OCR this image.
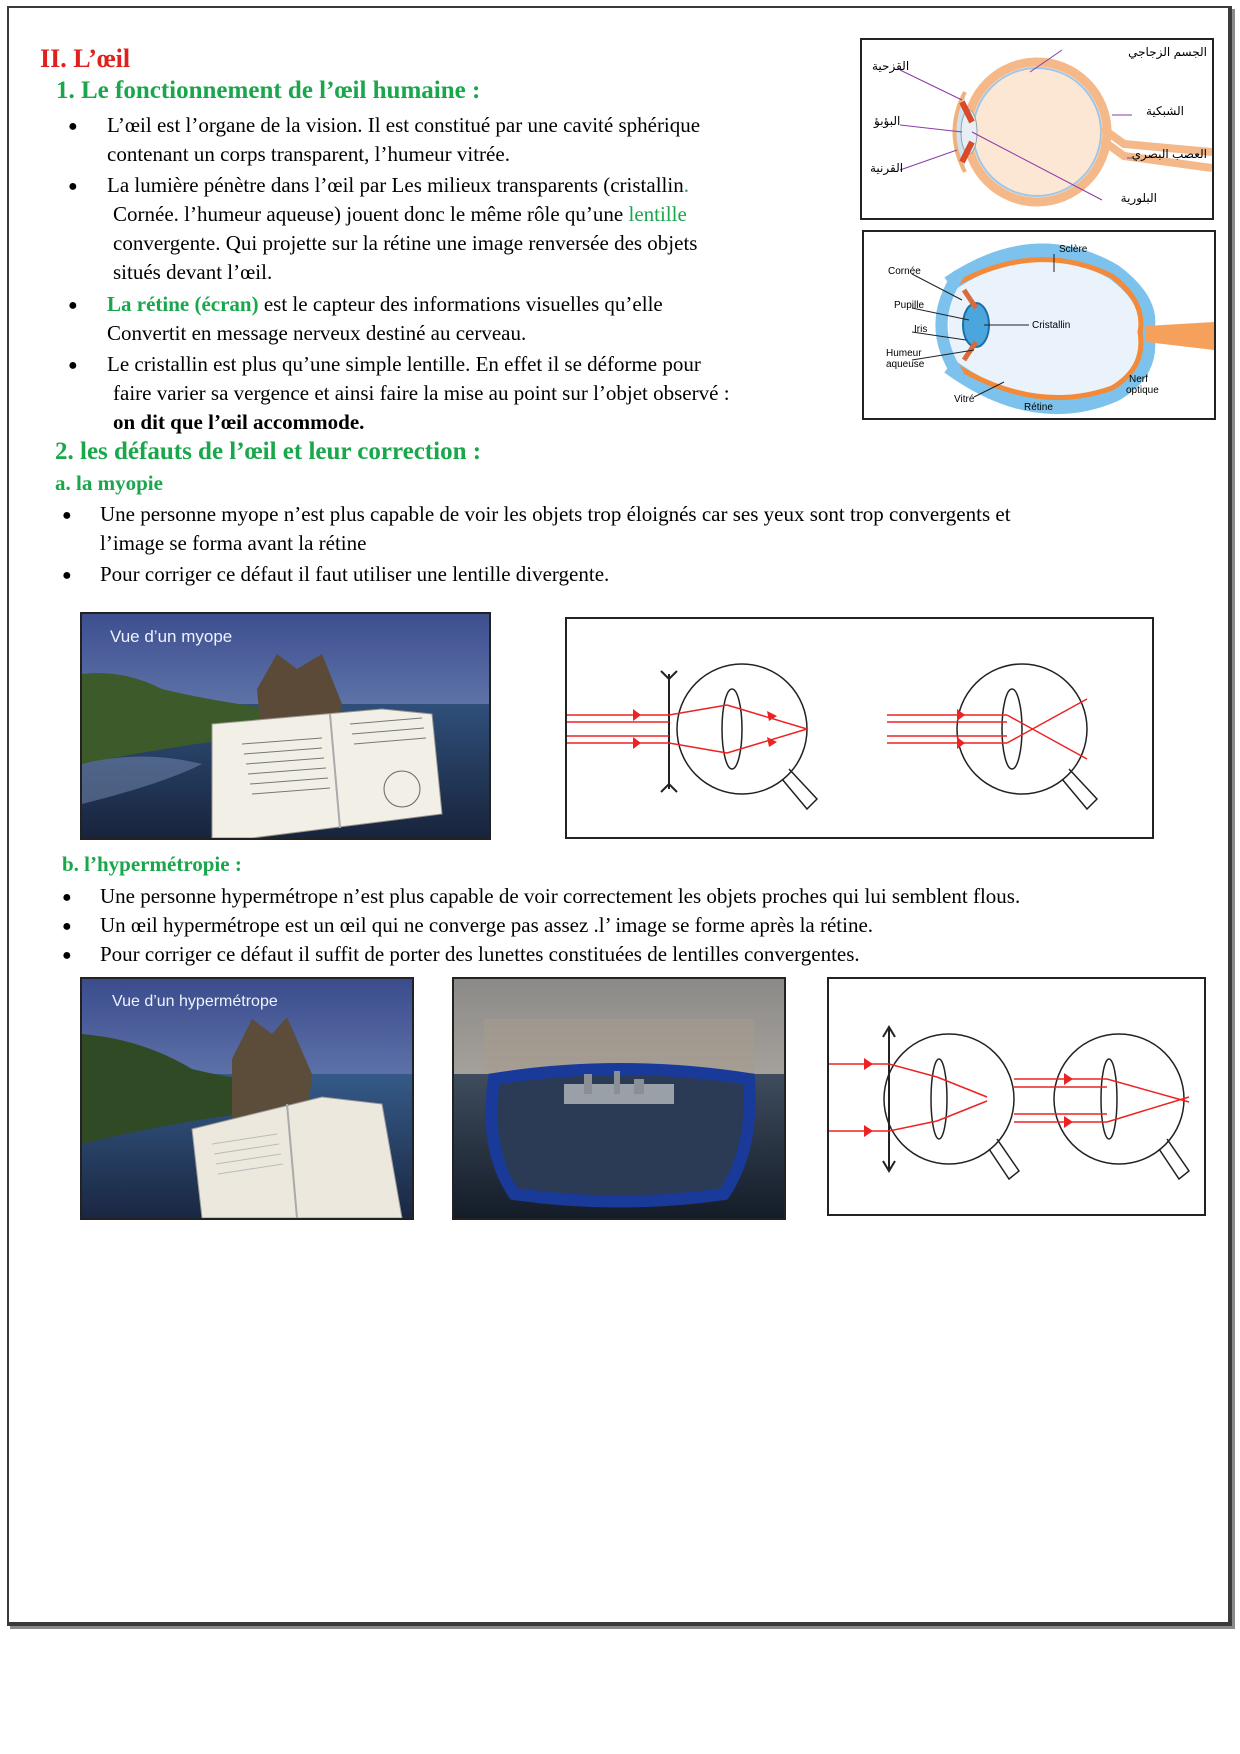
II. L’œil
1. Le fonctionnement de l’œil humaine :
● L’œil est l’organe de la vision. Il est constitué par une cavité sphérique
contenant un corps transparent, l’humeur vitrée.
● La lumière pénètre dans l’œil par Les milieux transparents (cristallin.
Cornée. l’humeur aqueuse) jouent donc le même rôle qu’une lentille
convergente. Qui projette sur la rétine une image renversée des objets
situés devant l’œil.
● La rétine (écran) est le capteur des informations visuelles qu’elle
Convertit en message nerveux destiné au cerveau.
● Le cristallin est plus qu’une simple lentille. En effet il se déforme pour
faire varier sa vergence et ainsi faire la mise au point sur l’objet observé :
on dit que l’œil accommode.
2. les défauts de l’œil et leur correction :
a. la myopie
● Une personne myope n’est plus capable de voir les objets trop éloignés car ses yeux sont trop convergents et
l’image se forma avant la rétine
● Pour corriger ce défaut il faut utiliser une lentille divergente.
b. l’hypermétropie :
● Une personne hypermétrope n’est plus capable de voir correctement les objets proches qui lui semblent flous.
● Un œil hypermétrope est un œil qui ne converge pas assez .l’ image se forme après la rétine.
● Pour corriger ce défaut il suffit de porter des lunettes constituées de lentilles convergentes.
الجسم الزجاجي
القزحية
البؤبؤ
القرنية
الشبكية
العصب البصري
البلورية
Sclère
Cornée
Pupille
Iris
Humeur
aqueuse
Cristallin
Nerf
optique
Vitré
Rétine
Vue d’un myope
Vue d’un hypermétrope
